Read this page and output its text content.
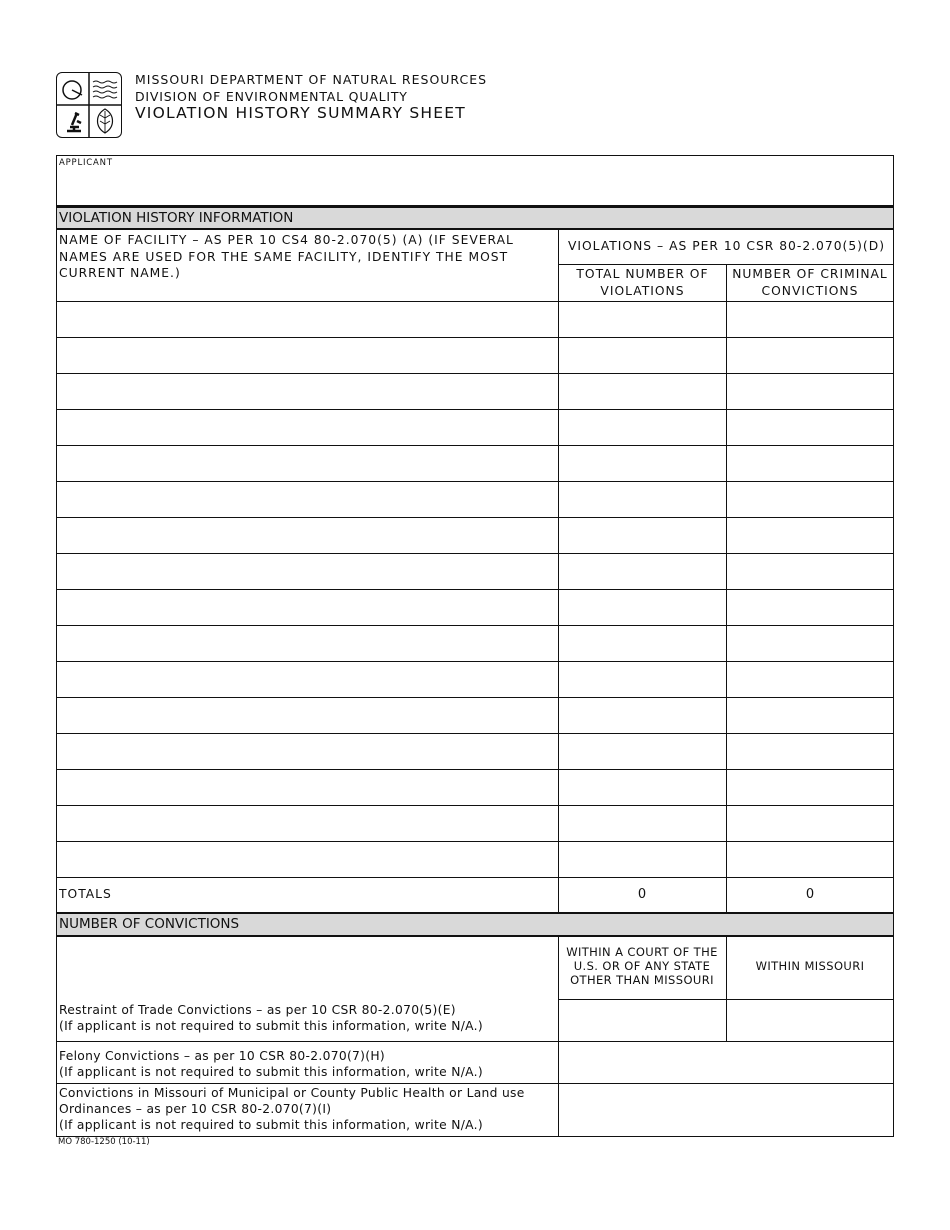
MISSOURI DEPARTMENT OF NATURAL RESOURCES
DIVISION OF ENVIRONMENTAL QUALITY
VIOLATION HISTORY SUMMARY SHEET
APPLICANT
VIOLATION HISTORY INFORMATION
NAME OF FACILITY – AS PER 10 CS4 80-2.070(5) (A) (IF SEVERAL NAMES ARE USED FOR THE SAME FACILITY, IDENTIFY THE MOST CURRENT NAME.)
VIOLATIONS – AS PER 10 CSR 80-2.070(5)(D)
TOTAL NUMBER OF VIOLATIONS
NUMBER OF CRIMINAL CONVICTIONS
TOTALS	0	0
NUMBER OF CONVICTIONS
WITHIN A COURT OF THE U.S. OR OF ANY STATE OTHER THAN MISSOURI
WITHIN MISSOURI
Restraint of Trade Convictions – as per 10 CSR 80-2.070(5)(E)
(If applicant is not required to submit this information, write N/A.)
Felony Convictions – as per 10 CSR 80-2.070(7)(H)
(If applicant is not required to submit this information, write N/A.)
Convictions in Missouri of Municipal or County Public Health or Land use Ordinances – as per 10 CSR 80-2.070(7)(I)
(If applicant is not required to submit this information, write N/A.)
MO 780-1250 (10-11)
